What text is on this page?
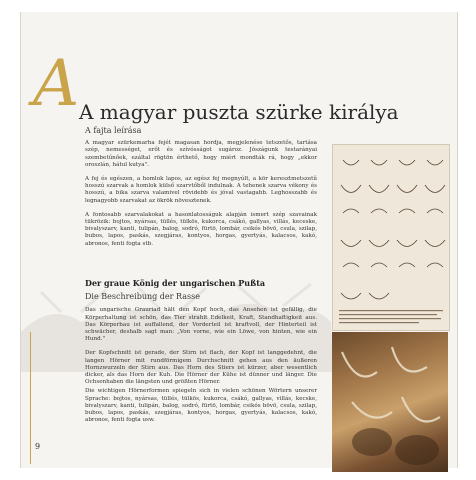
A A magyar puszta szürke királya
A fajta leírása

A magyar szürkemarha fejét magasan hordja, megjelenése tetszetős, tartása szép, nemességet, erőt és szívósságot sugároz. Jószágunk testarányai szembetűnőek, ezáltal rögtön érthető, hogy miért mondták rá, hogy „ekkor oroszlán, hátul kutya".

A fej és egészen, a homlok lapos, az egész fej megnyúlt, a kör keresztmetszetű hosszú szarvak a homlok külső szarvtőből indulnak. A tehenek szarva vékony és hosszú, a bika szarva valamivel rövidebb és jóval vastagabb. Leghosszabb és legnagyobb szarvakat az ökrök növesztenek.

A fontosabb szarvalakokat a hasonlatosságuk alapján ismert szép szavainak tükrözik: bojtos, nyársas, tüllés, tülkös, kukorca, csákó, gallyas, villás, keceske, bivalyszarv, kanti, tulipán, balog, sodró, fürtö, lombár, csikós bövö, csula, szilap, bubos, lapos, paskás, szegjáras, kontyos, horgas, gyertyás, kalacsos, kakó, abronos, fenti fogta stb.

Der graue König der ungarischen Pußta
Die Beschreibung der Rasse

Das ungarische Grauriad hält den Kopf hoch, das Ansehen ist gefällig, die Körperhaltung ist schön, das Tier strahlt Edelkeit, Kraft, Standhaftigkeit aus. Das Körperbau ist auffallend, der Vorderteil ist kraftvoll, der Hinterteil ist schwächer, deshalb sagt man: „Von vorne, wie ein Löwe, von hinten, wie ein Hund."

Der Kopfschnitt ist gerade, der Stirn ist flach, der Kopf ist langgedehnt, die langen Hörner mit rundförmigem Durchschnitt gehen aus den äußeren Hornzwurzeln der Stirn aus. Das Horn des Stiers ist kürzer, aber wesentlich dicker, als das Horn der Kuh. Die Hörner der Kühe ist dünner und länger. Die Ochsenhaben die längsten und größten Hörner.

Die wichtigen Hörnerformen spiegeln sich in vielen schönen Wörtern unserer Sprache: bojtos, nyársas, tüllés, tülkös, kukorca, csákó, gallyas, villás, kecske, bivalyszarv, kanti, tulipán, balog, sodró, fürtö, lombár, csikós bövö, csula, szilap, bubos, lapos, paskás, szegjáras, kontyos, horgas, gyertyás, kalacsos, kakó, abronos, fenti fogta usw.

9
